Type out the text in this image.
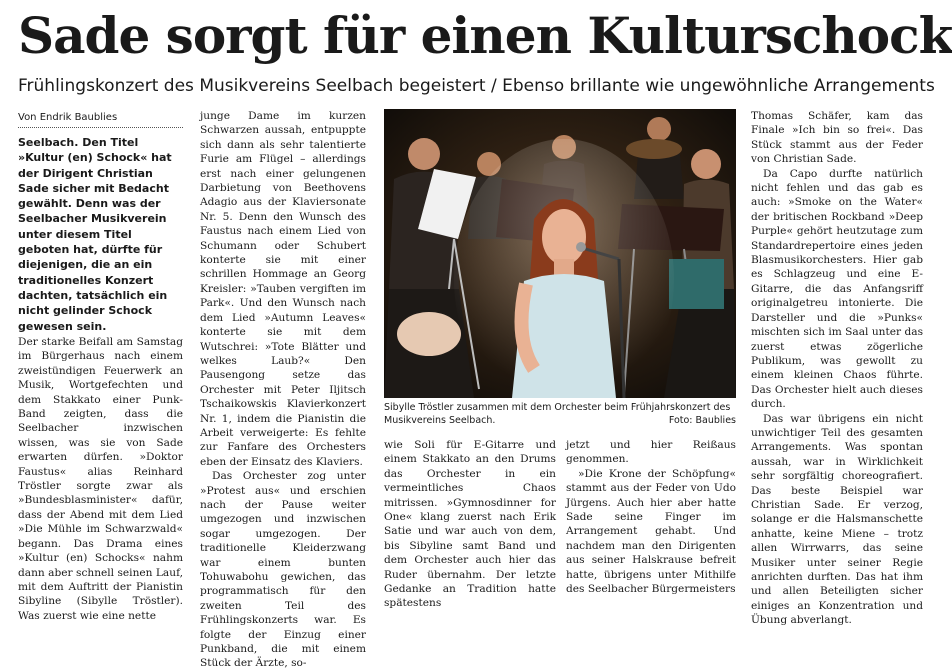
Sade sorgt für einen Kulturschock
Frühlingskonzert des Musikvereins Seelbach begeistert / Ebenso brillante wie ungewöhnliche Arrangements
Von Endrik Baublies
Seelbach. Den Titel »Kultur (en) Schock« hat der Dirigent Christian Sade sicher mit Bedacht gewählt. Denn was der Seelbacher Musikverein unter diesem Titel geboten hat, dürfte für diejenigen, die an ein traditionelles Konzert dachten, tatsächlich ein nicht gelinder Schock gewesen sein.

Der starke Beifall am Samstag im Bürgerhaus nach einem zweistündigen Feuerwerk an Musik, Wortgefechten und dem Stakkato einer Punk-Band zeigten, dass die Seelbacher inzwischen wissen, was sie von Sade erwarten dürfen. »Doktor Faustus« alias Reinhard Tröstler sorgte zwar als »Bundesblasminister« dafür, dass der Abend mit dem Lied »Die Mühle im Schwarzwald« begann. Das Drama eines »Kultur (en) Schocks« nahm dann aber schnell seinen Lauf, mit dem Auftritt der Pianistin Sibyline (Sibylle Tröstler). Was zuerst wie eine nette

junge Dame im kurzen Schwarzen aussah, entpuppte sich dann als sehr talentierte Furie am Flügel – allerdings erst nach einer gelungenen Darbietung von Beethovens Adagio aus der Klaviersonate Nr. 5. Denn den Wunsch des Faustus nach einem Lied von Schumann oder Schubert konterte sie mit einer schrillen Hommage an Georg Kreisler: »Tauben vergiften im Park«. Und den Wunsch nach dem Lied »Autumn Leaves« konterte sie mit dem Wutschrei: »Tote Blätter und welkes Laub?« Den Pausengong setze das Orchester mit Peter Iljitsch Tschaikowskis Klavierkonzert Nr. 1, indem die Pianistin die Arbeit verweigerte: Es fehlte zur Fanfare des Orchesters eben der Einsatz des Klaviers.

Das Orchester zog unter »Protest aus« und erschien nach der Pause weiter umgezogen und inzwischen sogar umgezogen. Der traditionelle Kleiderzwang war einem bunten Tohuwabohu gewichen, das programmatisch für den zweiten Teil des Frühlingskonzerts war. Es folgte der Einzug einer Punkband, die mit einem Stück der Ärzte, so-

Sibylle Tröstler zusammen mit dem Orchester beim Frühjahrskonzert des Musikvereins Seelbach.	Foto: Baublies

wie Soli für E-Gitarre und einem Stakkato an den Drums das Orchester in ein vermeintliches Chaos mitrissen. »Gymnosdinner for One« klang zuerst nach Erik Satie und war auch von dem, bis Sibyline samt Band und dem Orchester auch hier das Ruder übernahm. Der letzte Gedanke an Tradition hatte spätestens

jetzt und hier Reißaus genommen.

»Die Krone der Schöpfung« stammt aus der Feder von Udo Jürgens. Auch hier aber hatte Sade seine Finger im Arrangement gehabt. Und nachdem man den Dirigenten aus seiner Halskrause befreit hatte, übrigens unter Mithilfe des Seelbacher Bürgermeisters

Thomas Schäfer, kam das Finale »Ich bin so frei«. Das Stück stammt aus der Feder von Christian Sade.

Da Capo durfte natürlich nicht fehlen und das gab es auch: »Smoke on the Water« der britischen Rockband »Deep Purple« gehört heutzutage zum Standardrepertoire eines jeden Blasmusikorchesters. Hier gab es Schlagzeug und eine E-Gitarre, die das Anfangsriff originalgetreu intonierte. Die Darsteller und die »Punks« mischten sich im Saal unter das zuerst etwas zögerliche Publikum, was gewollt zu einem kleinen Chaos führte. Das Orchester hielt auch dieses durch.

Das war übrigens ein nicht unwichtiger Teil des gesamten Arrangements. Was spontan aussah, war in Wirklichkeit sehr sorgfältig choreografiert. Das beste Beispiel war Christian Sade. Er verzog, solange er die Halsmanschette anhatte, keine Miene – trotz allen Wirrwarrs, das seine Musiker unter seiner Regie anrichten durften. Das hat ihm und allen Beteiligten sicher einiges an Konzentration und Übung abverlangt.
